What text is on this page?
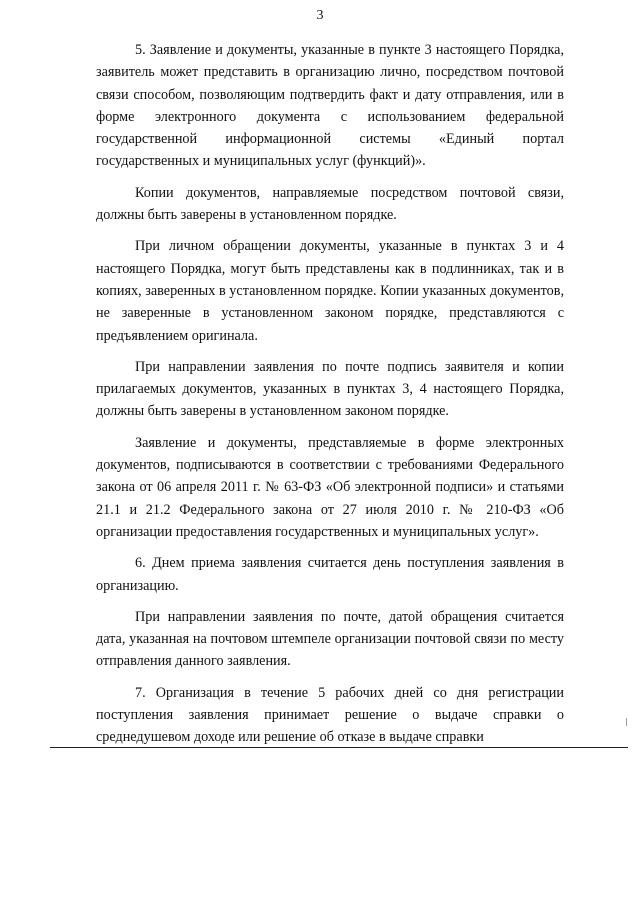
3

5. Заявление и документы, указанные в пункте 3 настоящего Порядка, заявитель может представить в организацию лично, посредством почтовой связи способом, позволяющим подтвердить факт и дату отправления, или в форме электронного документа с использованием федеральной государственной информационной системы «Единый портал государственных и муниципальных услуг (функций)».

Копии документов, направляемые посредством почтовой связи, должны быть заверены в установленном порядке.

При личном обращении документы, указанные в пунктах 3 и 4 настоящего Порядка, могут быть представлены как в подлинниках, так и в копиях, заверенных в установленном порядке. Копии указанных документов, не заверенные в установленном законом порядке, представляются с предъявлением оригинала.

При направлении заявления по почте подпись заявителя и копии прилагаемых документов, указанных в пунктах 3, 4 настоящего Порядка, должны быть заверены в установленном законом порядке.

Заявление и документы, представляемые в форме электронных документов, подписываются в соответствии с требованиями Федерального закона от 06 апреля 2011 г. № 63-ФЗ «Об электронной подписи» и статьями 21.1 и 21.2 Федерального закона от 27 июля 2010 г. № 210-ФЗ «Об организации предоставления государственных и муниципальных услуг».

6. Днем приема заявления считается день поступления заявления в организацию.

При направлении заявления по почте, датой обращения считается дата, указанная на почтовом штемпеле организации почтовой связи по месту отправления данного заявления.

7. Организация в течение 5 рабочих дней со дня регистрации поступления заявления принимает решение о выдаче справки о среднедушевом доходе или решение об отказе в выдаче справки
